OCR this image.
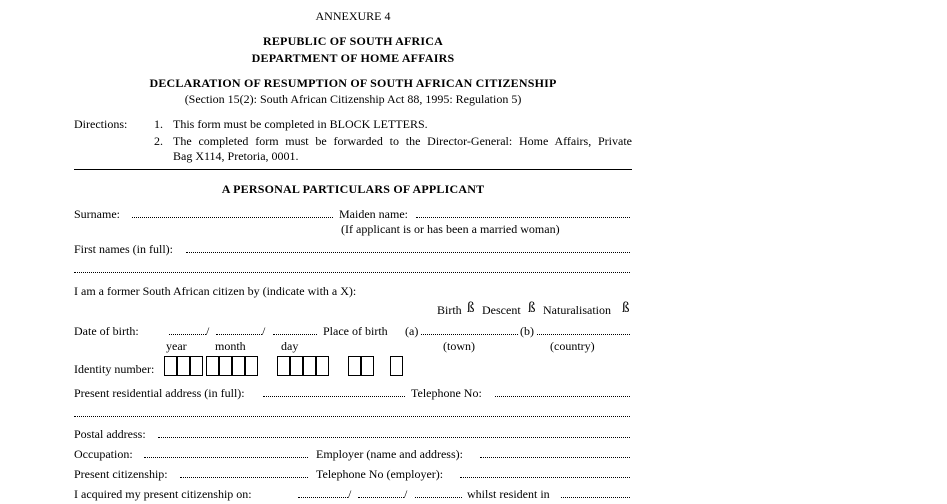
ANNEXURE 4
REPUBLIC OF SOUTH AFRICA
DEPARTMENT OF HOME AFFAIRS
DECLARATION OF RESUMPTION OF SOUTH AFRICAN CITIZENSHIP
(Section 15(2): South African Citizenship Act 88, 1995: Regulation 5)
Directions: 1. This form must be completed in BLOCK LETTERS.
2. The completed form must be forwarded to the Director-General: Home Affairs, Private
Bag X114, Pretoria, 0001.
A PERSONAL PARTICULARS OF APPLICANT
Surname:	Maiden name:
(If applicant is or has been a married woman)
First names (in full):
I am a former South African citizen by (indicate with a X):
Birth ß Descent ß Naturalisation ß
Date of birth:	/	/	Place of birth (a)	(b)
year month	day	(town)	(country)
Identity number:
Present residential address (in full):	Telephone No:
Postal address:
Occupation:	Employer (name and address):
Present citizenship:	Telephone No (employer):
I acquired my present citizenship on:	/	/	whilst resident in
